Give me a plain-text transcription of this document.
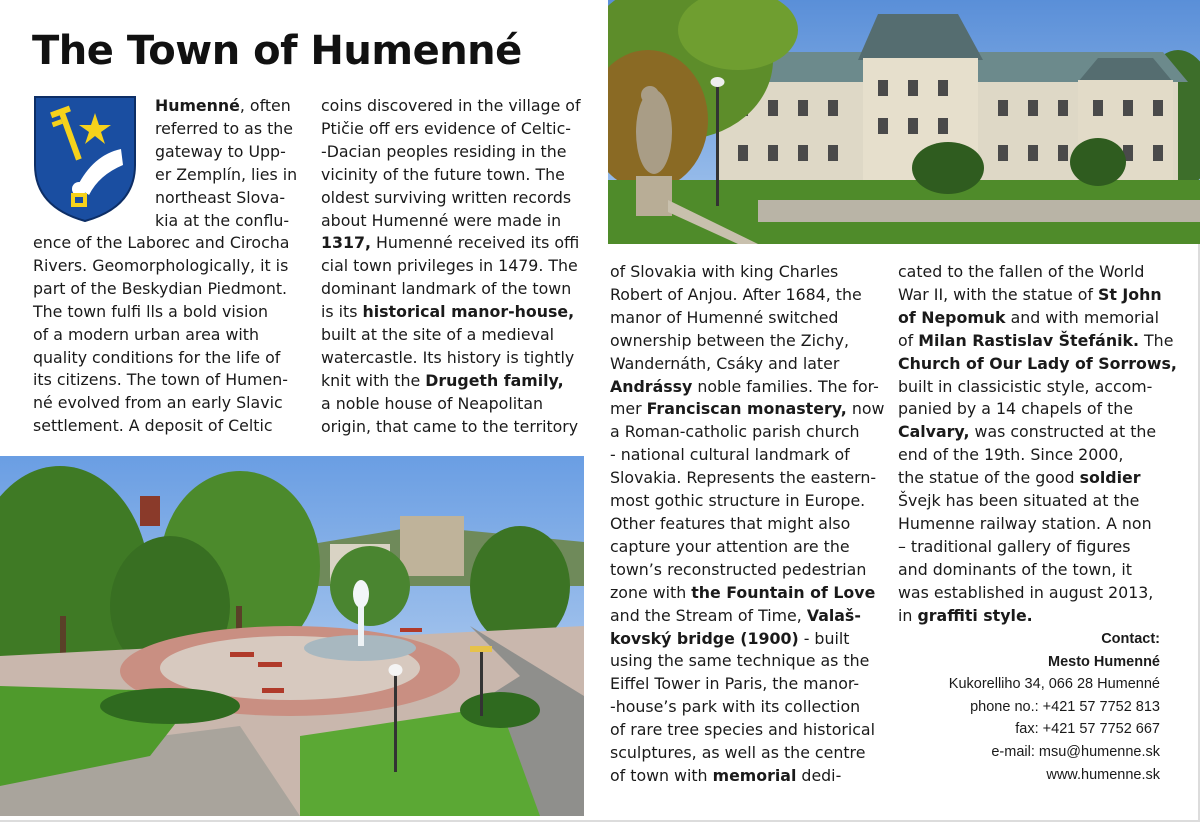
The Town of Humenné
Humenné, often
referred to as the
gateway to Upp-
er Zemplín, lies in
northeast Slova-
kia at the conflu-
ence of the Laborec and Cirocha
Rivers. Geomorphologically, it is
part of the Beskydian Piedmont.
The town fulfi lls a bold vision
of a modern urban area with
quality conditions for the life of
its citizens. The town of Humen-
né evolved from an early Slavic
settlement. A deposit of Celtic
coins discovered in the village of
Ptičie off ers evidence of Celtic-
-Dacian peoples residing in the
vicinity of the future town. The
oldest surviving written records
about Humenné were made in
1317, Humenné received its offi
cial town privileges in 1479. The
dominant landmark of the town
is its historical manor-house,
built at the site of a medieval
watercastle. Its history is tightly
knit with the Drugeth family,
a noble house of Neapolitan
origin, that came to the territory
of Slovakia with king Charles
Robert of Anjou. After 1684, the
manor of Humenné switched
ownership between the Zichy,
Wandernáth, Csáky and later
Andrássy noble families. The for-
mer Franciscan monastery, now
a Roman-catholic parish church
- national cultural landmark of
Slovakia. Represents the eastern-
most gothic structure in Europe.
Other features that might also
capture your attention are the
town’s reconstructed pedestrian
zone with the Fountain of Love
and the Stream of Time, Valaš-
kovský bridge (1900) - built
using the same technique as the
Eiffel Tower in Paris, the manor-
-house’s park with its collection
of rare tree species and historical
sculptures, as well as the centre
of town with memorial dedi-
cated to the fallen of the World
War II, with the statue of St John
of Nepomuk and with memorial
of Milan Rastislav Štefánik. The
Church of Our Lady of Sorrows,
built in classicistic style, accom-
panied by a 14 chapels of the
Calvary, was constructed at the
end of the 19th. Since 2000,
the statue of the good soldier
Švejk has been situated at the
Humenne railway station. A non
– traditional gallery of figures
and dominants of the town, it
was established in august 2013,
in graffiti style.
Contact:
Mesto Humenné
Kukorelliho 34, 066 28 Humenné
phone no.: +421 57 7752 813
fax: +421 57 7752 667
e-mail: msu@humenne.sk
www.humenne.sk
